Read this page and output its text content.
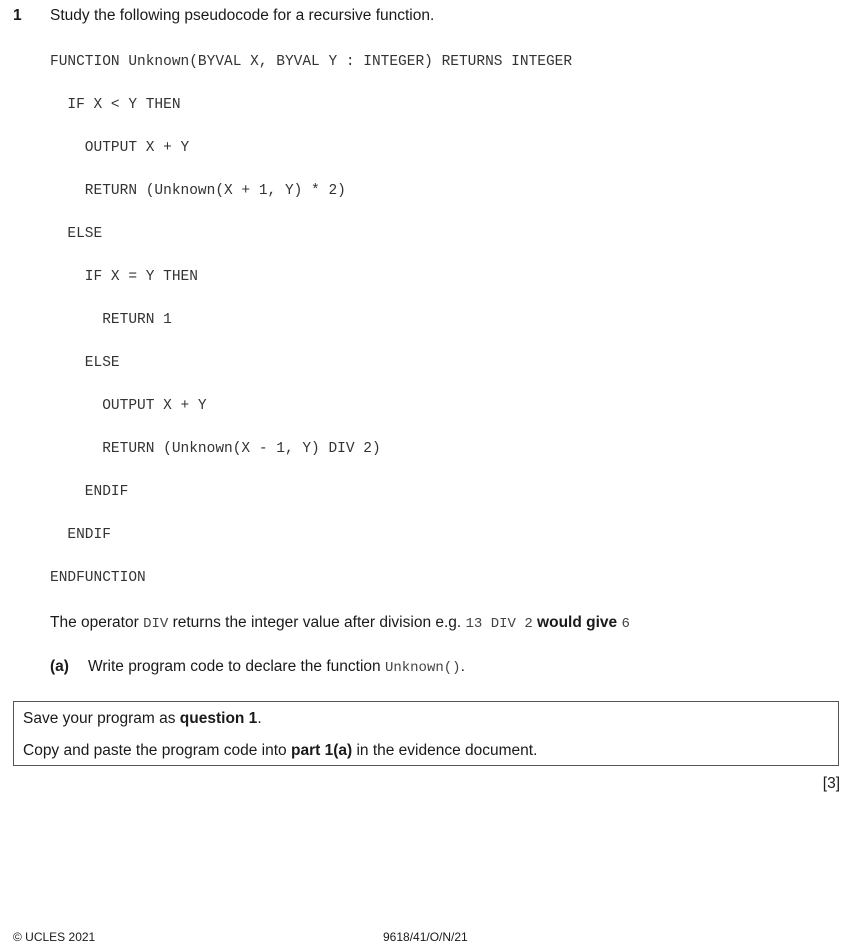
1 Study the following pseudocode for a recursive function.
FUNCTION Unknown(BYVAL X, BYVAL Y : INTEGER) RETURNS INTEGER
IF X < Y THEN
OUTPUT X + Y
RETURN (Unknown(X + 1, Y) * 2)
ELSE
IF X = Y THEN
RETURN 1
ELSE
OUTPUT X + Y
RETURN (Unknown(X - 1, Y) DIV 2)
ENDIF
ENDIF
ENDFUNCTION
The operator DIV returns the integer value after division e.g. 13 DIV 2 would give 6
(a) Write program code to declare the function Unknown().
Save your program as question 1.
Copy and paste the program code into part 1(a) in the evidence document.
[3]
© UCLES 2021	9618/41/O/N/21
